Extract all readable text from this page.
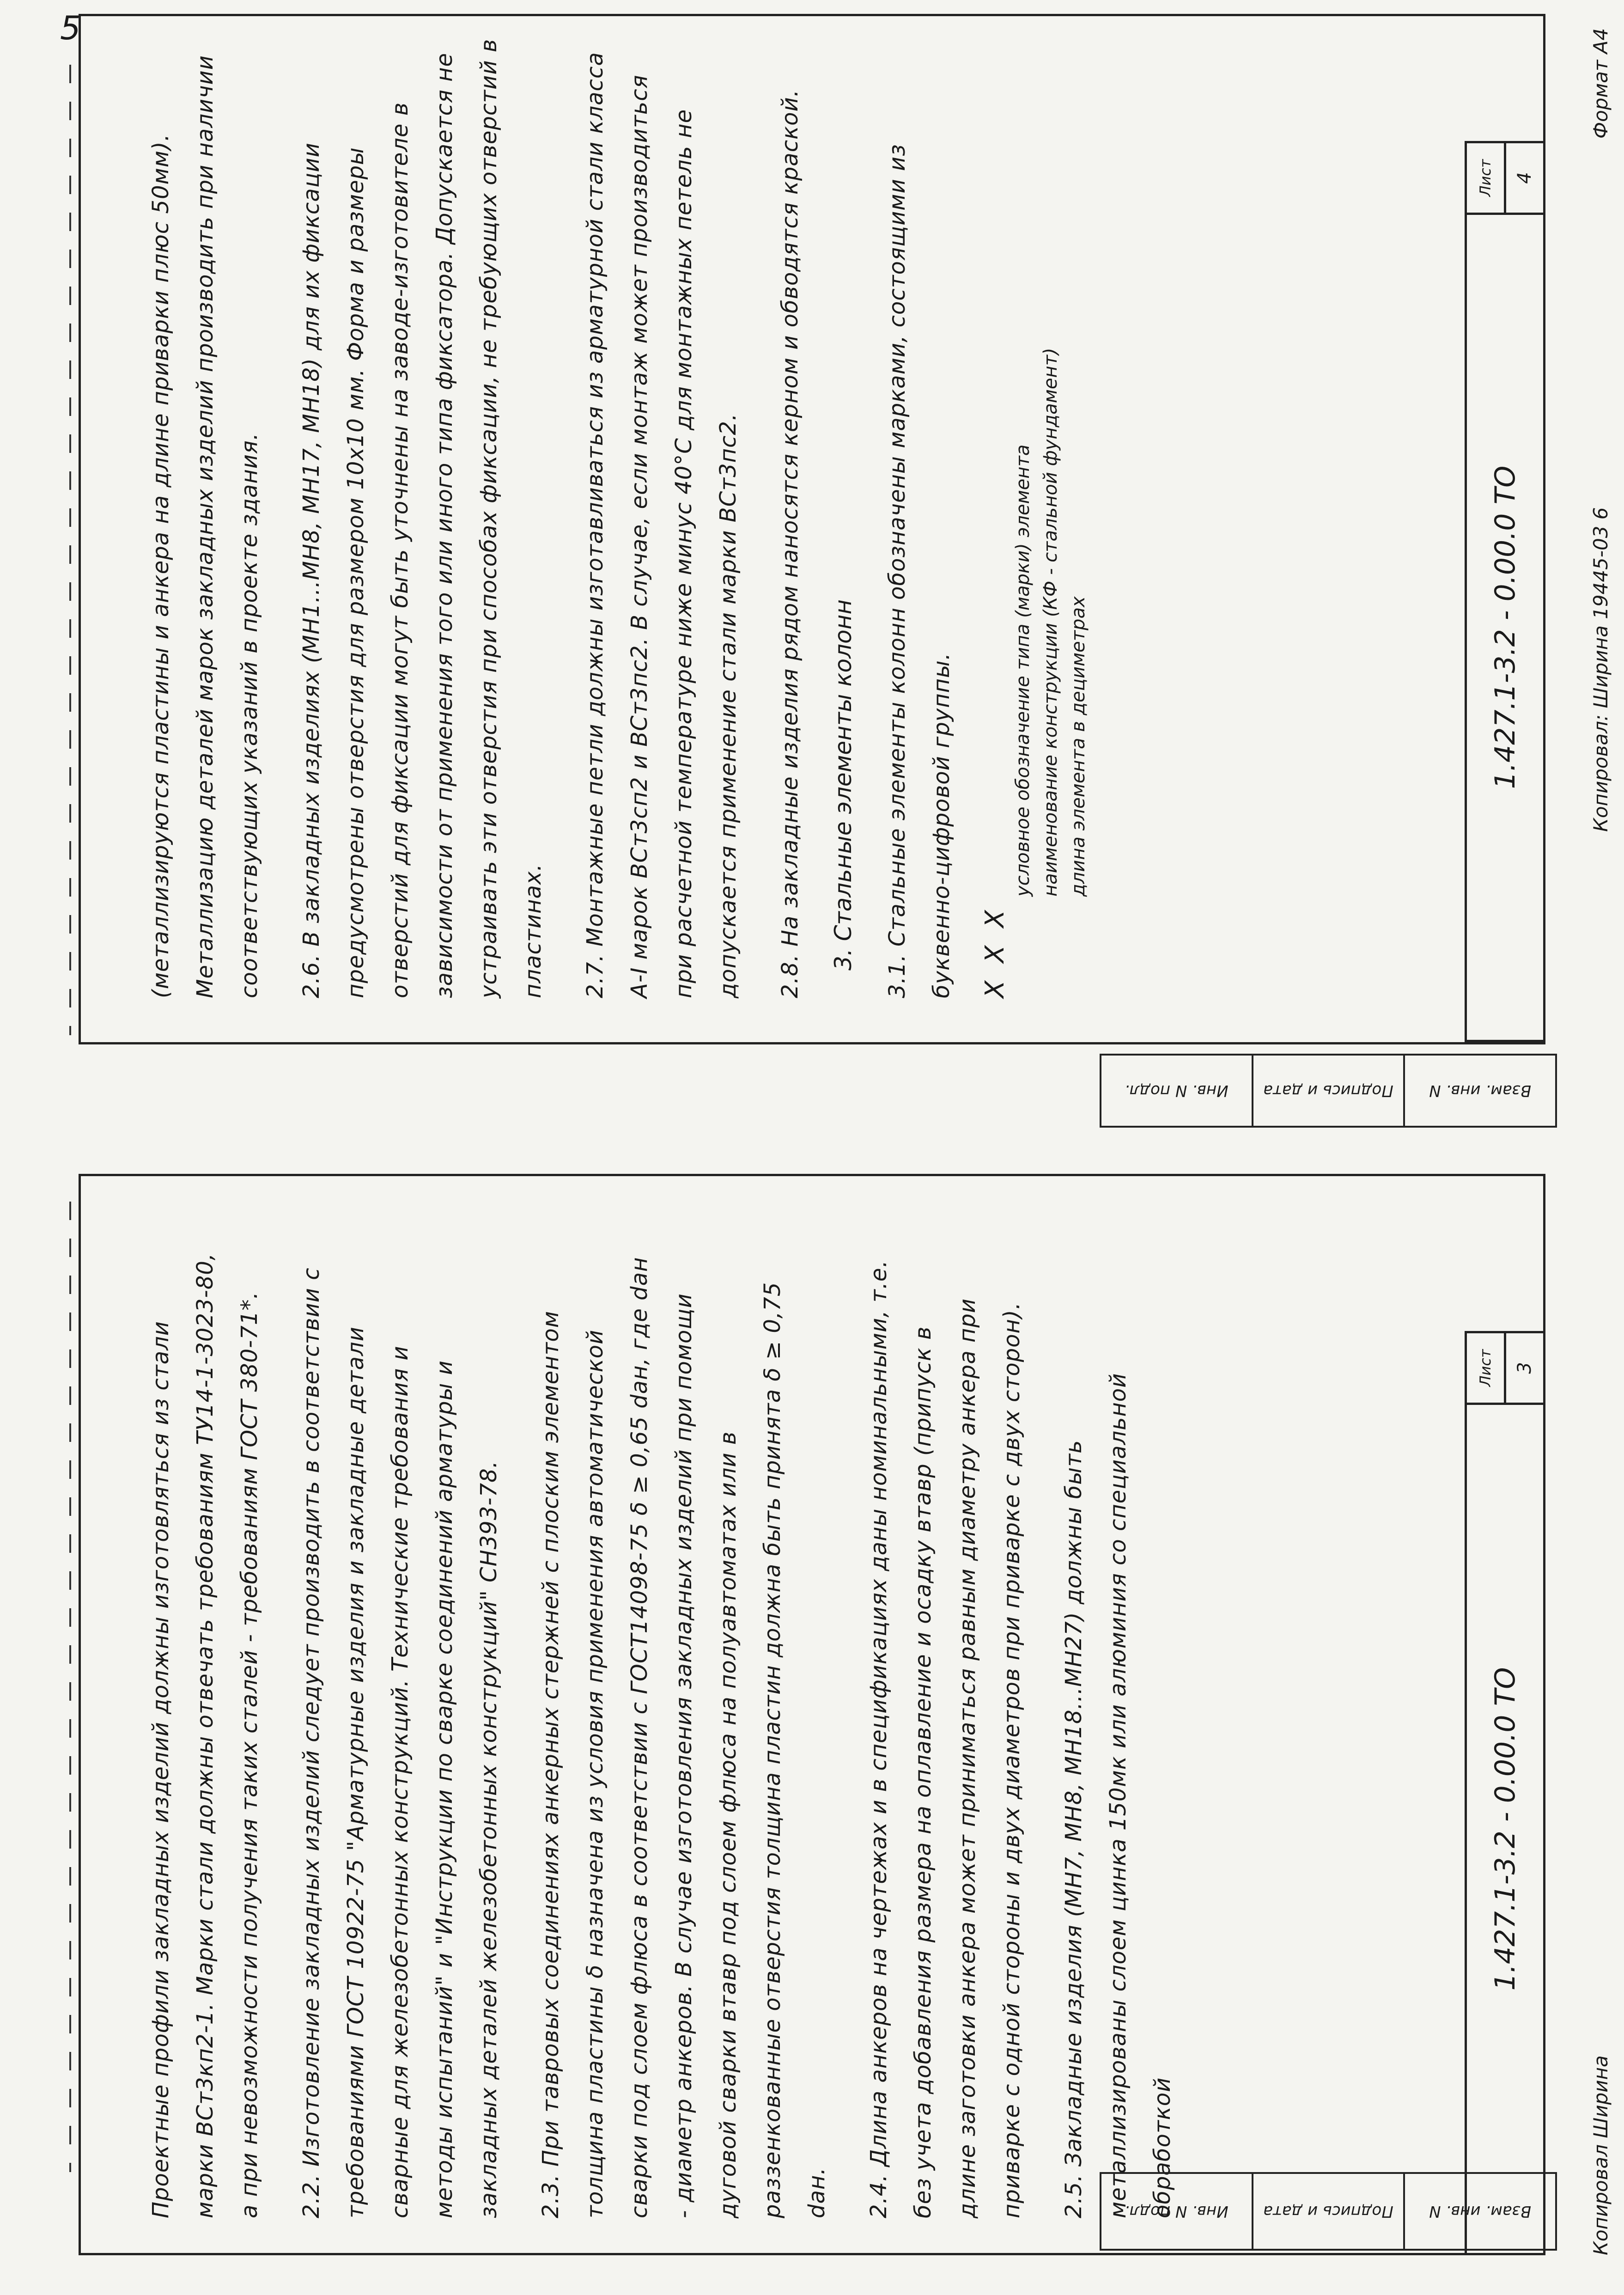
5

Проектные профили закладных изделий должны изготовляться из стали марки ВСт3кп2-1. Марки стали должны отвечать требованиям ТУ14-1-3023-80, а при невозможности получения таких сталей - требованиям ГОСТ 380-71*.	2.2. Изготовление закладных изделий следует производить в соответствии с требованиями ГОСТ 10922-75 "Арматурные изделия и закладные детали сварные для железобетонных конструкций. Технические требования и методы испытаний" и "Инструкции по сварке соединений арматуры и закладных деталей железобетонных конструкций" СН393-78.	2.3. При тавровых соединениях анкерных стержней с плоским элементом толщина пластины δ назначена из условия применения автоматической сварки под слоем флюса в соответствии с ГОСТ14098-75 δ ≥ 0,65 dан, где dан - диаметр анкеров. В случае изготовления закладных изделий при помощи дуговой сварки втавр под слоем флюса на полуавтоматах или в раззенкованные отверстия толщина пластин должна быть принята δ ≥ 0,75 dан.	2.4. Длина анкеров на чертежах и в спецификациях даны номинальными, т.е. без учета добавления размера на оплавление и осадку втавр (припуск в длине заготовки анкера может приниматься равным диаметру анкера при приварке с одной стороны и двух диаметров при приварке с двух сторон).	2.5. Закладные изделия (МН7, МН8, МН18...МН27) должны быть металлизированы слоем цинка 150мк или алюминия со специальной обработкой

(металлизируются пластины и анкера на длине приварки плюс 50мм). Металлизацию деталей марок закладных изделий производить при наличии соответствующих указаний в проекте здания.	2.6. В закладных изделиях (МН1...МН8, МН17, МН18) для их фиксации предусмотрены отверстия для размером 10х10 мм. Форма и размеры отверстий для фиксации могут быть уточнены на заводе-изготовителе в зависимости от применения того или иного типа фиксатора. Допускается не устраивать эти отверстия при способах фиксации, не требующих отверстий в пластинах.	2.7. Монтажные петли должны изготавливаться из арматурной стали класса А-I марок ВСт3сп2 и ВСт3пс2. В случае, если монтаж может производиться при расчетной температуре ниже минус 40°С для монтажных петель не допускается применение стали марки ВСт3пс2.	2.8. На закладные изделия рядом наносятся керном и обводятся краской.	3. Стальные элементы колонн	3.1. Стальные элементы колонн обозначены марками, состоящими из буквенно-цифровой группы. X X X
условное обозначение типа (марки) элемента наименование конструкции (КФ - стальной фундамент) длина элемента в дециметрах
1.427.1-3.2 - 0.00.0 ТО
Лист	3
1.427.1-3.2 - 0.00.0 ТО
Лист	4
Взам. инв. N
Подпись и дата
Инв. N подл.
Взам. инв. N
Подпись и дата
Инв. N подл.	Копировал Ширина
Копировал: Ширина 19445-03 6
Формат А4
